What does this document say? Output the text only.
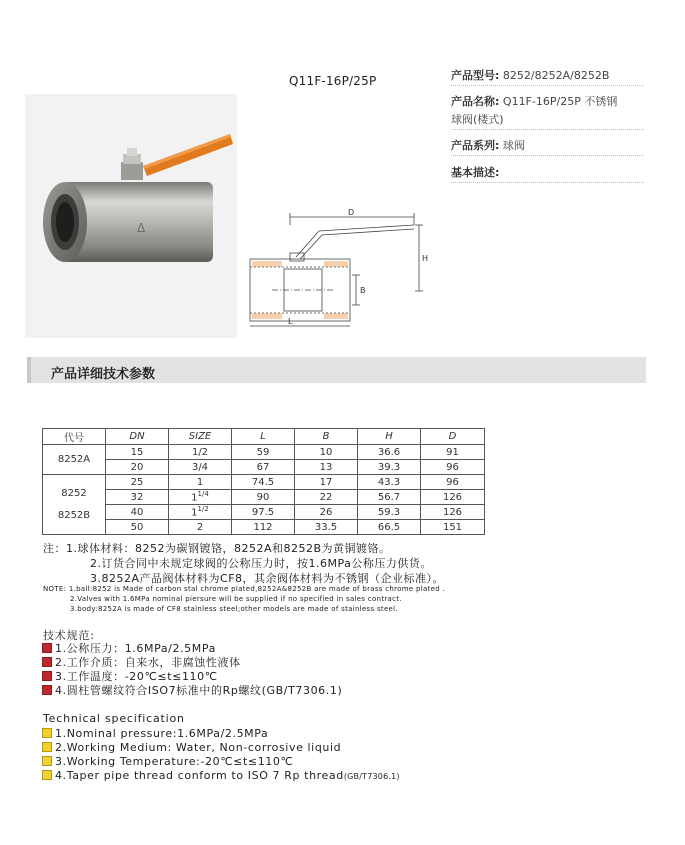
Q11F-16P/25P
Δ
D
H
B
L
产品型号: 8252/8252A/8252B
产品名称: Q11F-16P/25P 不锈钢
球阀(楼式)
产品系列: 球阀
基本描述:
产品详细技术参数
代号	DN	SIZE	L	B	H	D
8252A	15	1/2	59	10	36.6	91
	20	3/4	67	13	39.3	96
8252

8252B	25	1	74.5	17	43.3	96
	32	$1^{1/4}$	90	22	56.7	126
	40	$1^{1/2}$	97.5	26	59.3	126
	50	2	112	33.5	66.5	151
注：1.球体材料：8252为碳钢镀铬，8252A和8252B为黄铜镀铬。
2.订货合同中未规定球阀的公称压力时，按1.6MPa公称压力供货。
3.8252A产品阀体材料为CF8，其余阀体材料为不锈钢（企业标准）。
NOTE: 1.ball:8252 is Made of carbon stal chrome plated,8252A&8252B are made of brass chrome plated .
2.Valves with 1.6MPa nominal piersure will be supplied if no specified in sales contract.
3.body:8252A is made of CF8 stainless steel;other models are made of stainless steel.
技术规范:
1.公称压力：1.6MPa/2.5MPa
2.工作介质：自来水，非腐蚀性液体
3.工作温度：-20℃≤t≤110℃
4.圆柱管螺纹符合ISO7标准中的Rp螺纹(GB/T7306.1)
Technical specification
1.Nominal pressure:1.6MPa/2.5MPa
2.Working Medium: Water, Non-corrosive liquid
3.Working Temperature:-20℃≤t≤110℃
4.Taper pipe thread conform to ISO 7 Rp thread(GB/T7306.1)
